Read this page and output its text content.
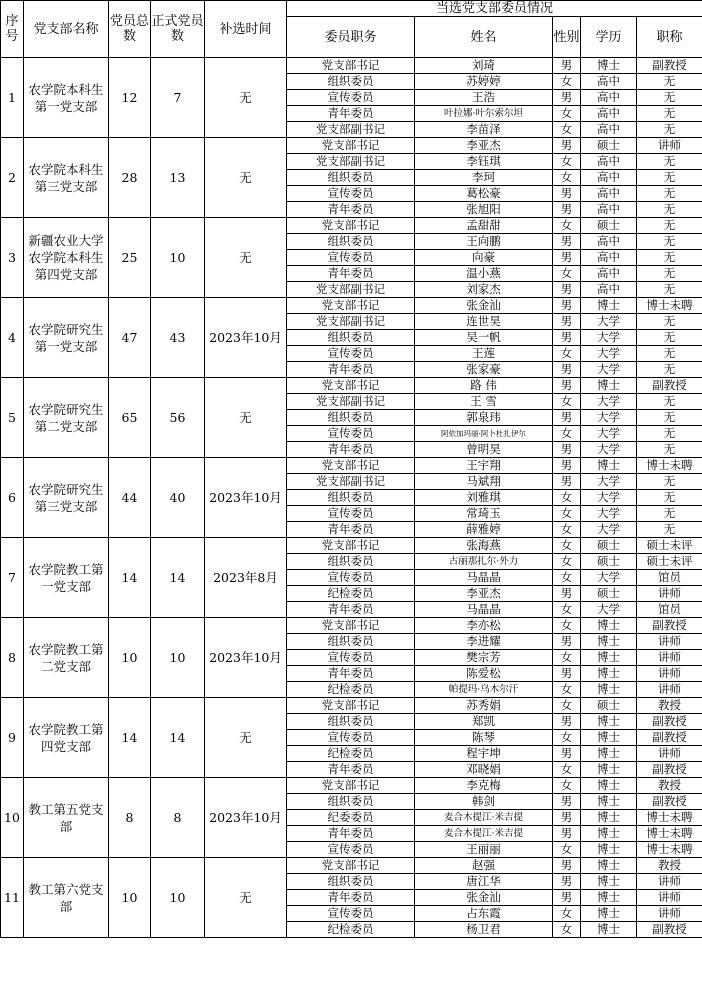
序号	党支部名称	党员总数	正式党员数	补选时间	当选党支部委员情况				
					委员职务	姓名	性别	学历	职称
1	农学院本科生第一党支部	12	7	无	党支部书记	刘琦	男	博士	副教授
					组织委员	苏婷婷	女	高中	无
					宣传委员	王浩	男	高中	无
					青年委员	叶拉娜·叶尔索尔坦	女	高中	无
					党支部副书记	李苗泽	女	高中	无
2	农学院本科生第三党支部	28	13	无	党支部书记	李亚杰	男	硕士	讲师
					党支部副书记	李钰琪	女	高中	无
					组织委员	李珂	女	高中	无
					宣传委员	葛松豪	男	高中	无
					青年委员	张旭阳	男	高中	无
3	新疆农业大学农学院本科生第四党支部	25	10	无	党支部书记	孟甜甜	女	硕士	无
					组织委员	王向鹏	男	高中	无
					宣传委员	向豪	男	高中	无
					青年委员	温小燕	女	高中	无
					党支部副书记	刘家杰	男	高中	无
4	农学院研究生第一党支部	47	43	2023年10月	党支部书记	张金汕	男	博士	博士未聘
					党支部副书记	连世昊	男	大学	无
					组织委员	吴一帆	男	大学	无
					宣传委员	王莲	女	大学	无
					青年委员	张家豪	男	大学	无
5	农学院研究生第二党支部	65	56	无	党支部书记	路 伟	男	博士	副教授
					党支部副书记	王 雪	女	大学	无
					组织委员	郭泉玮	男	大学	无
					宣传委员	阿依加玛丽·阿卜杜扎伊尔	女	大学	无
					青年委员	曾明昊	男	大学	无
6	农学院研究生第三党支部	44	40	2023年10月	党支部书记	王宇翔	男	博士	博士未聘
					党支部副书记	马斌翔	男	大学	无
					组织委员	刘雅琪	女	大学	无
					宣传委员	常琦玉	女	大学	无
					青年委员	薛雅婷	女	大学	无
7	农学院教工第一党支部	14	14	2023年8月	党支部书记	张海燕	女	硕士	硕士未评
					组织委员	古丽那扎尔·外力	女	硕士	硕士未评
					宣传委员	马晶晶	女	大学	馆员
					纪检委员	李亚杰	男	硕士	讲师
					青年委员	马晶晶	女	大学	馆员
8	农学院教工第二党支部	10	10	2023年10月	党支部书记	李亦松	女	博士	副教授
					组织委员	李进耀	男	博士	讲师
					宣传委员	樊宗芳	女	博士	讲师
					青年委员	陈爱松	男	博士	讲师
					纪检委员	帕提玛·乌木尔汗	女	博士	讲师
9	农学院教工第四党支部	14	14	无	党支部书记	苏秀娟	女	硕士	教授
					组织委员	郑凯	男	博士	副教授
					宣传委员	陈琴	女	博士	副教授
					纪检委员	程宇坤	男	博士	讲师
					青年委员	邓晓娟	女	博士	副教授
10	教工第五党支部	8	8	2023年10月	党支部书记	李克梅	女	博士	教授
					组织委员	韩剑	男	博士	副教授
					纪委委员	麦合木提江·米吉提	男	博士	博士未聘
					青年委员	麦合木提江·米吉提	男	博士	博士未聘
					宣传委员	王丽丽	女	博士	博士未聘
11	教工第六党支部	10	10	无	党支部书记	赵强	男	博士	教授
					组织委员	唐江华	男	博士	讲师
					青年委员	张金汕	男	博士	讲师
					宣传委员	占东霞	女	博士	讲师
					纪检委员	杨卫君	女	博士	副教授
